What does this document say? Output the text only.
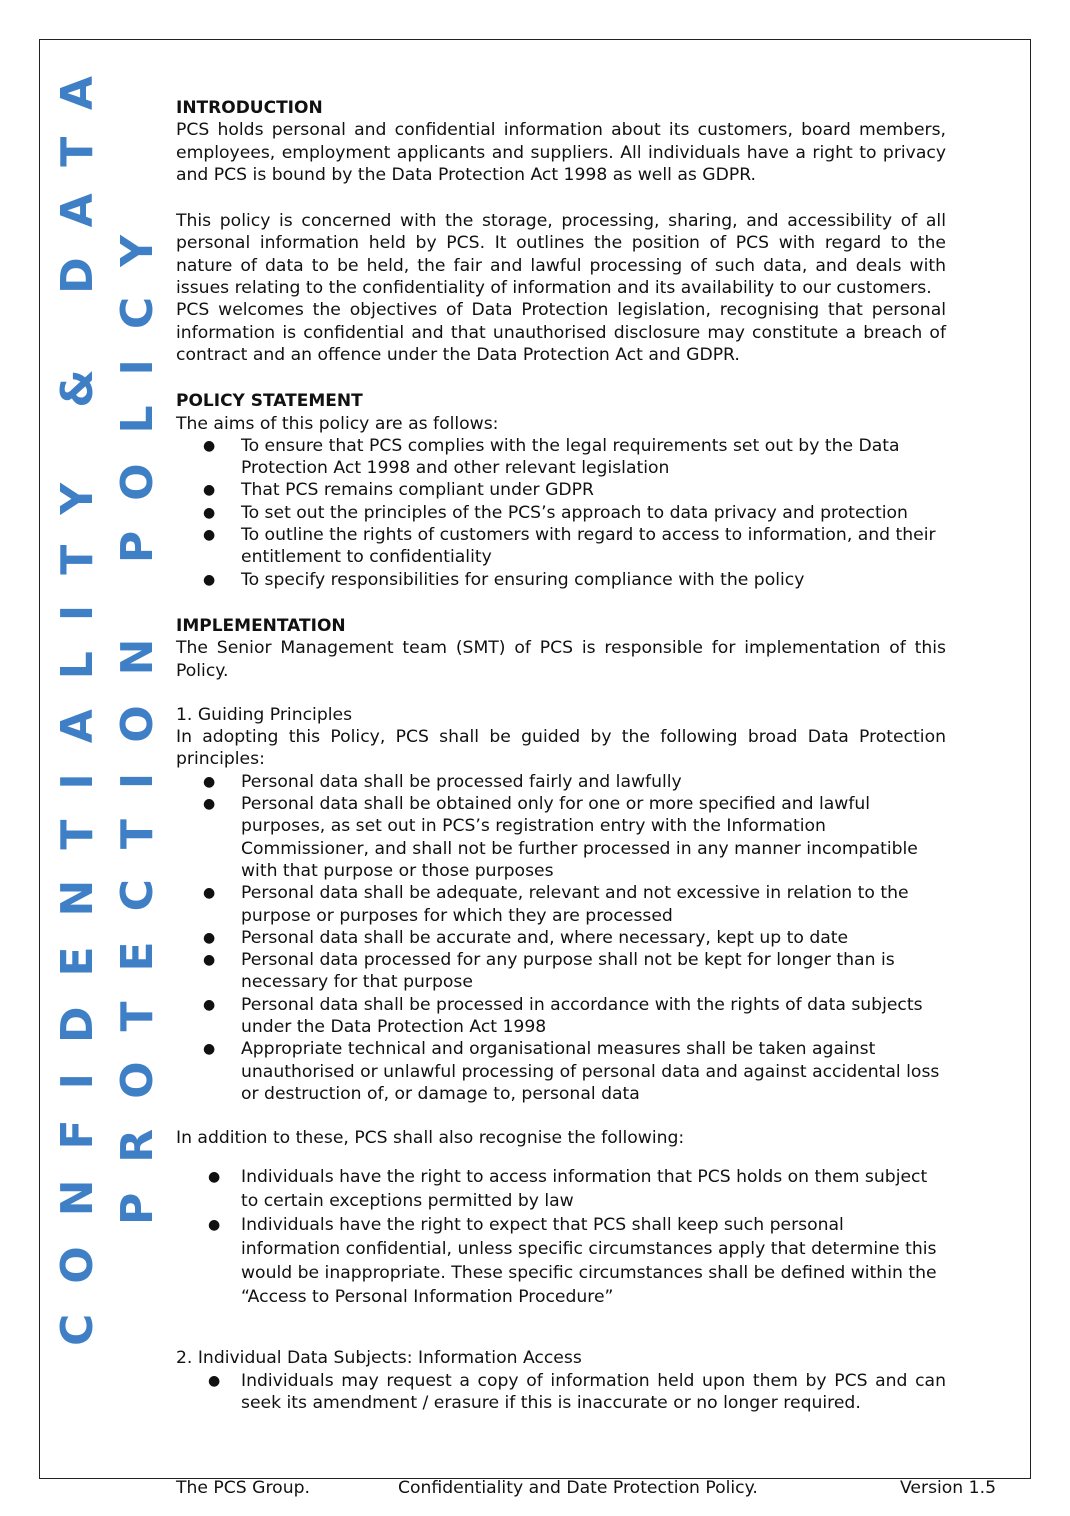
CONFIDENTIALITY & DATA PROTECTION POLICY
INTRODUCTION

PCS holds personal and confidential information about its customers, board members, employees, employment applicants and suppliers. All individuals have a right to privacy and PCS is bound by the Data Protection Act 1998 as well as GDPR.

This policy is concerned with the storage, processing, sharing, and accessibility of all personal information held by PCS. It outlines the position of PCS with regard to the nature of data to be held, the fair and lawful processing of such data, and deals with issues relating to the confidentiality of information and its availability to our customers.

PCS welcomes the objectives of Data Protection legislation, recognising that personal information is confidential and that unauthorised disclosure may constitute a breach of contract and an offence under the Data Protection Act and GDPR.

POLICY STATEMENT

The aims of this policy are as follows:

● To ensure that PCS complies with the legal requirements set out by the Data Protection Act 1998 and other relevant legislation
● That PCS remains compliant under GDPR
● To set out the principles of the PCS’s approach to data privacy and protection
● To outline the rights of customers with regard to access to information, and their entitlement to confidentiality
● To specify responsibilities for ensuring compliance with the policy
IMPLEMENTATION

The Senior Management team (SMT) of PCS is responsible for implementation of this Policy.

1. Guiding Principles

In adopting this Policy, PCS shall be guided by the following broad Data Protection principles:

● Personal data shall be processed fairly and lawfully
● Personal data shall be obtained only for one or more specified and lawful purposes, as set out in PCS’s registration entry with the Information Commissioner, and shall not be further processed in any manner incompatible with that purpose or those purposes
● Personal data shall be adequate, relevant and not excessive in relation to the purpose or purposes for which they are processed
● Personal data shall be accurate and, where necessary, kept up to date
● Personal data processed for any purpose shall not be kept for longer than is necessary for that purpose
● Personal data shall be processed in accordance with the rights of data subjects under the Data Protection Act 1998
● Appropriate technical and organisational measures shall be taken against unauthorised or unlawful processing of personal data and against accidental loss or destruction of, or damage to, personal data

In addition to these, PCS shall also recognise the following:

● Individuals have the right to access information that PCS holds on them subject to certain exceptions permitted by law
● Individuals have the right to expect that PCS shall keep such personal information confidential, unless specific circumstances apply that determine this would be inappropriate. These specific circumstances shall be defined within the “Access to Personal Information Procedure”
2. Individual Data Subjects: Information Access
● Individuals may request a copy of information held upon them by PCS and can seek its amendment / erasure if this is inaccurate or no longer required.
The PCS Group.	Confidentiality and Date Protection Policy.	Version 1.5
